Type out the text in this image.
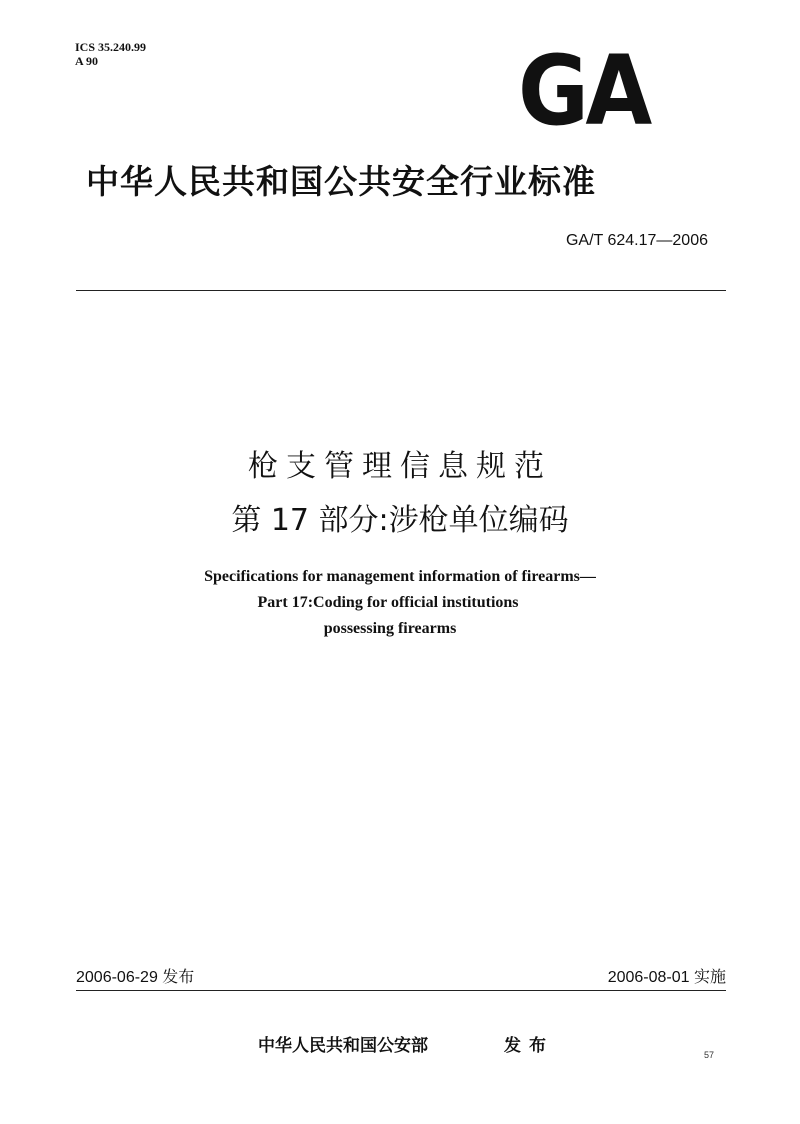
ICS 35.240.99
A 90	GA
中华人民共和国公共安全行业标准
GA/T 624.17—2006
枪支管理信息规范
第 17 部分:涉枪单位编码
Specifications for management information of firearms—
Part 17:Coding for official institutions
possessing firearms
2006-06-29 发布	2006-08-01 实施
中华人民共和国公安部	发布	57
